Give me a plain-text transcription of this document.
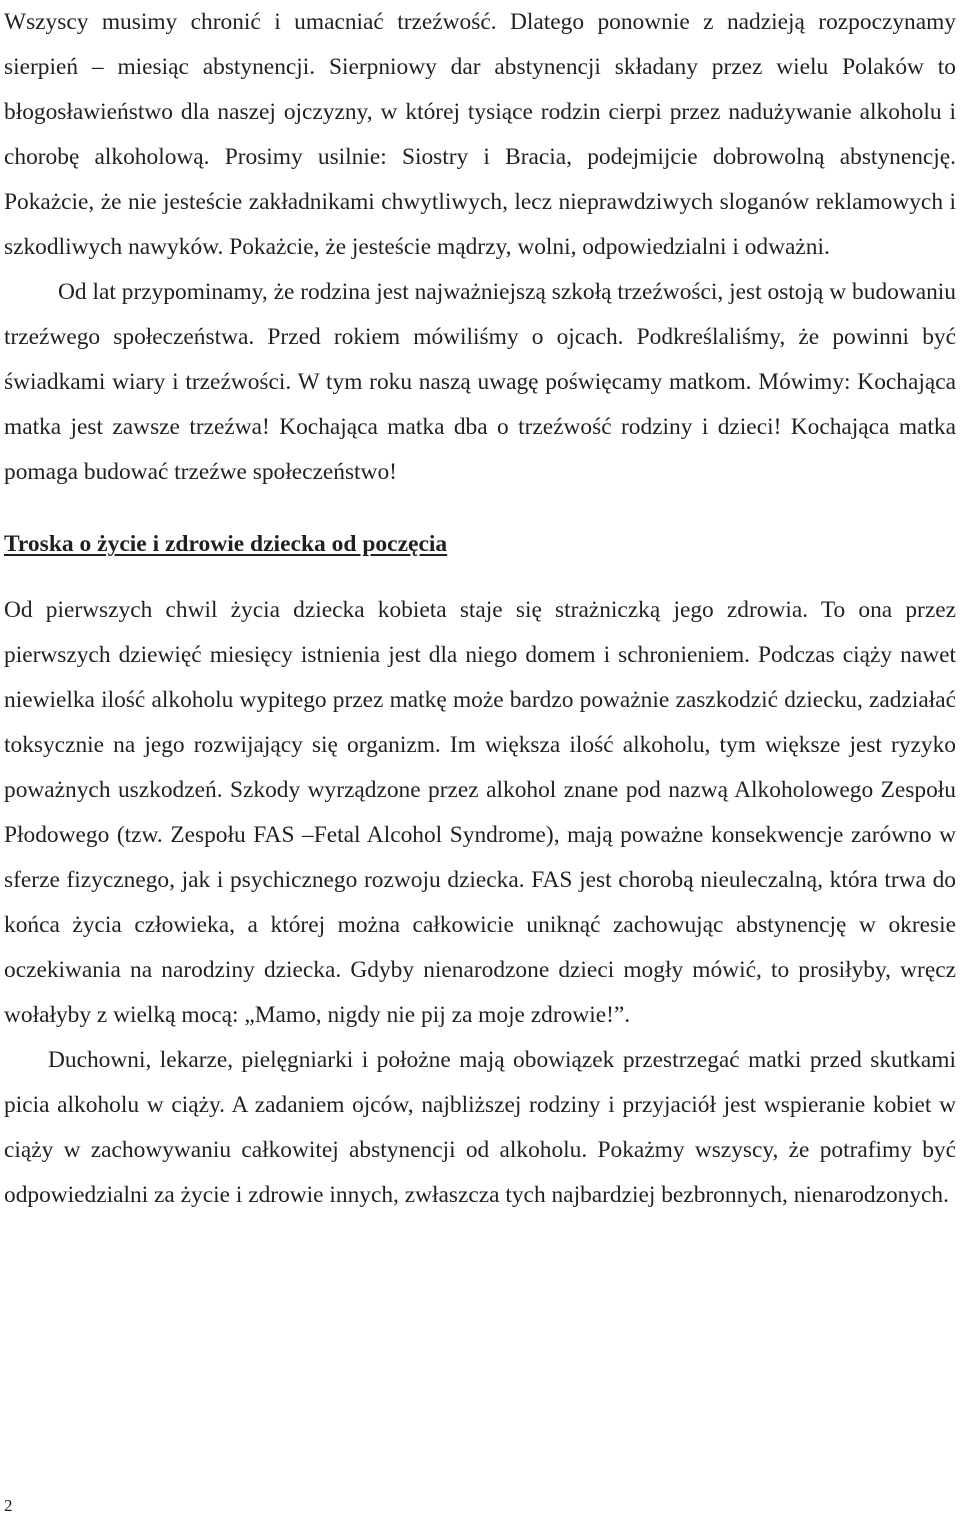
Wszyscy musimy chronić i umacniać trzeźwość. Dlatego ponownie z nadzieją rozpoczynamy sierpień – miesiąc abstynencji. Sierpniowy dar abstynencji składany przez wielu Polaków to błogosławieństwo dla naszej ojczyzny, w której tysiące rodzin cierpi przez nadużywanie alkoholu i chorobę alkoholową. Prosimy usilnie: Siostry i Bracia, podejmijcie dobrowolną abstynencję. Pokażcie, że nie jesteście zakładnikami chwytliwych, lecz nieprawdziwych sloganów reklamowych i szkodliwych nawyków. Pokażcie, że jesteście mądrzy, wolni, odpowiedzialni i odważni.

Od lat przypominamy, że rodzina jest najważniejszą szkołą trzeźwości, jest ostoją w budowaniu trzeźwego społeczeństwa. Przed rokiem mówiliśmy o ojcach. Podkreślaliśmy, że powinni być świadkami wiary i trzeźwości. W tym roku naszą uwagę poświęcamy matkom. Mówimy: Kochająca matka jest zawsze trzeźwa! Kochająca matka dba o trzeźwość rodziny i dzieci! Kochająca matka pomaga budować trzeźwe społeczeństwo!

Troska o życie i zdrowie dziecka od poczęcia

Od pierwszych chwil życia dziecka kobieta staje się strażniczką jego zdrowia. To ona przez pierwszych dziewięć miesięcy istnienia jest dla niego domem i schronieniem. Podczas ciąży nawet niewielka ilość alkoholu wypitego przez matkę może bardzo poważnie zaszkodzić dziecku, zadziałać toksycznie na jego rozwijający się organizm. Im większa ilość alkoholu, tym większe jest ryzyko poważnych uszkodzeń. Szkody wyrządzone przez alkohol znane pod nazwą Alkoholowego Zespołu Płodowego (tzw. Zespołu FAS –Fetal Alcohol Syndrome), mają poważne konsekwencje zarówno w sferze fizycznego, jak i psychicznego rozwoju dziecka. FAS jest chorobą nieuleczalną, która trwa do końca życia człowieka, a której można całkowicie uniknąć zachowując abstynencję w okresie oczekiwania na narodziny dziecka. Gdyby nienarodzone dzieci mogły mówić, to prosiłyby, wręcz wołałyby z wielką mocą: „Mamo, nigdy nie pij za moje zdrowie!”.

Duchowni, lekarze, pielęgniarki i położne mają obowiązek przestrzegać matki przed skutkami picia alkoholu w ciąży. A zadaniem ojców, najbliższej rodziny i przyjaciół jest wspieranie kobiet w ciąży w zachowywaniu całkowitej abstynencji od alkoholu. Pokażmy wszyscy, że potrafimy być odpowiedzialni za życie i zdrowie innych, zwłaszcza tych najbardziej bezbronnych, nienarodzonych.

2
